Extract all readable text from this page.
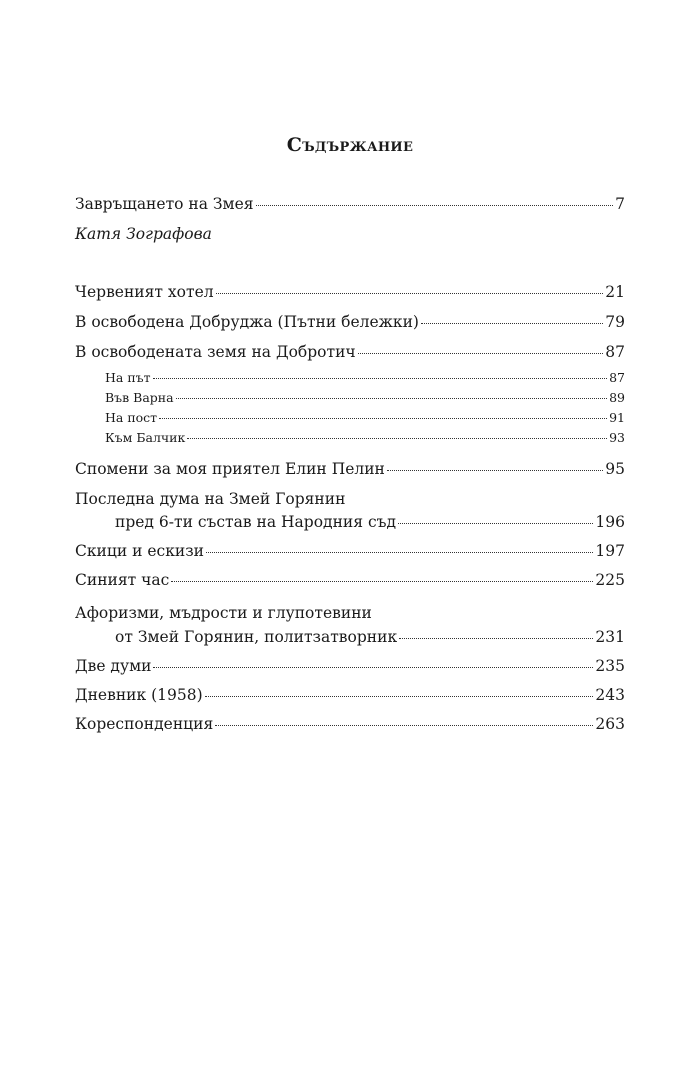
Съдържание
Завръщането на Змея	7
Катя Зографова
Червеният хотел	21
В освободена Добруджа (Пътни бележки)	79
В освободената земя на Добротич	87
На път	87
Във Варна	89
На пост	91
Към Балчик	93
Спомени за моя приятел Елин Пелин	95
Последна дума на Змей Горянин
пред 6-ти състав на Народния съд	196
Скици и ескизи	197
Синият час	225
Афоризми, мъдрости и глупотевини
от Змей Горянин, политзатворник	231
Две думи	235
Дневник (1958)	243
Кореспонденция	263
